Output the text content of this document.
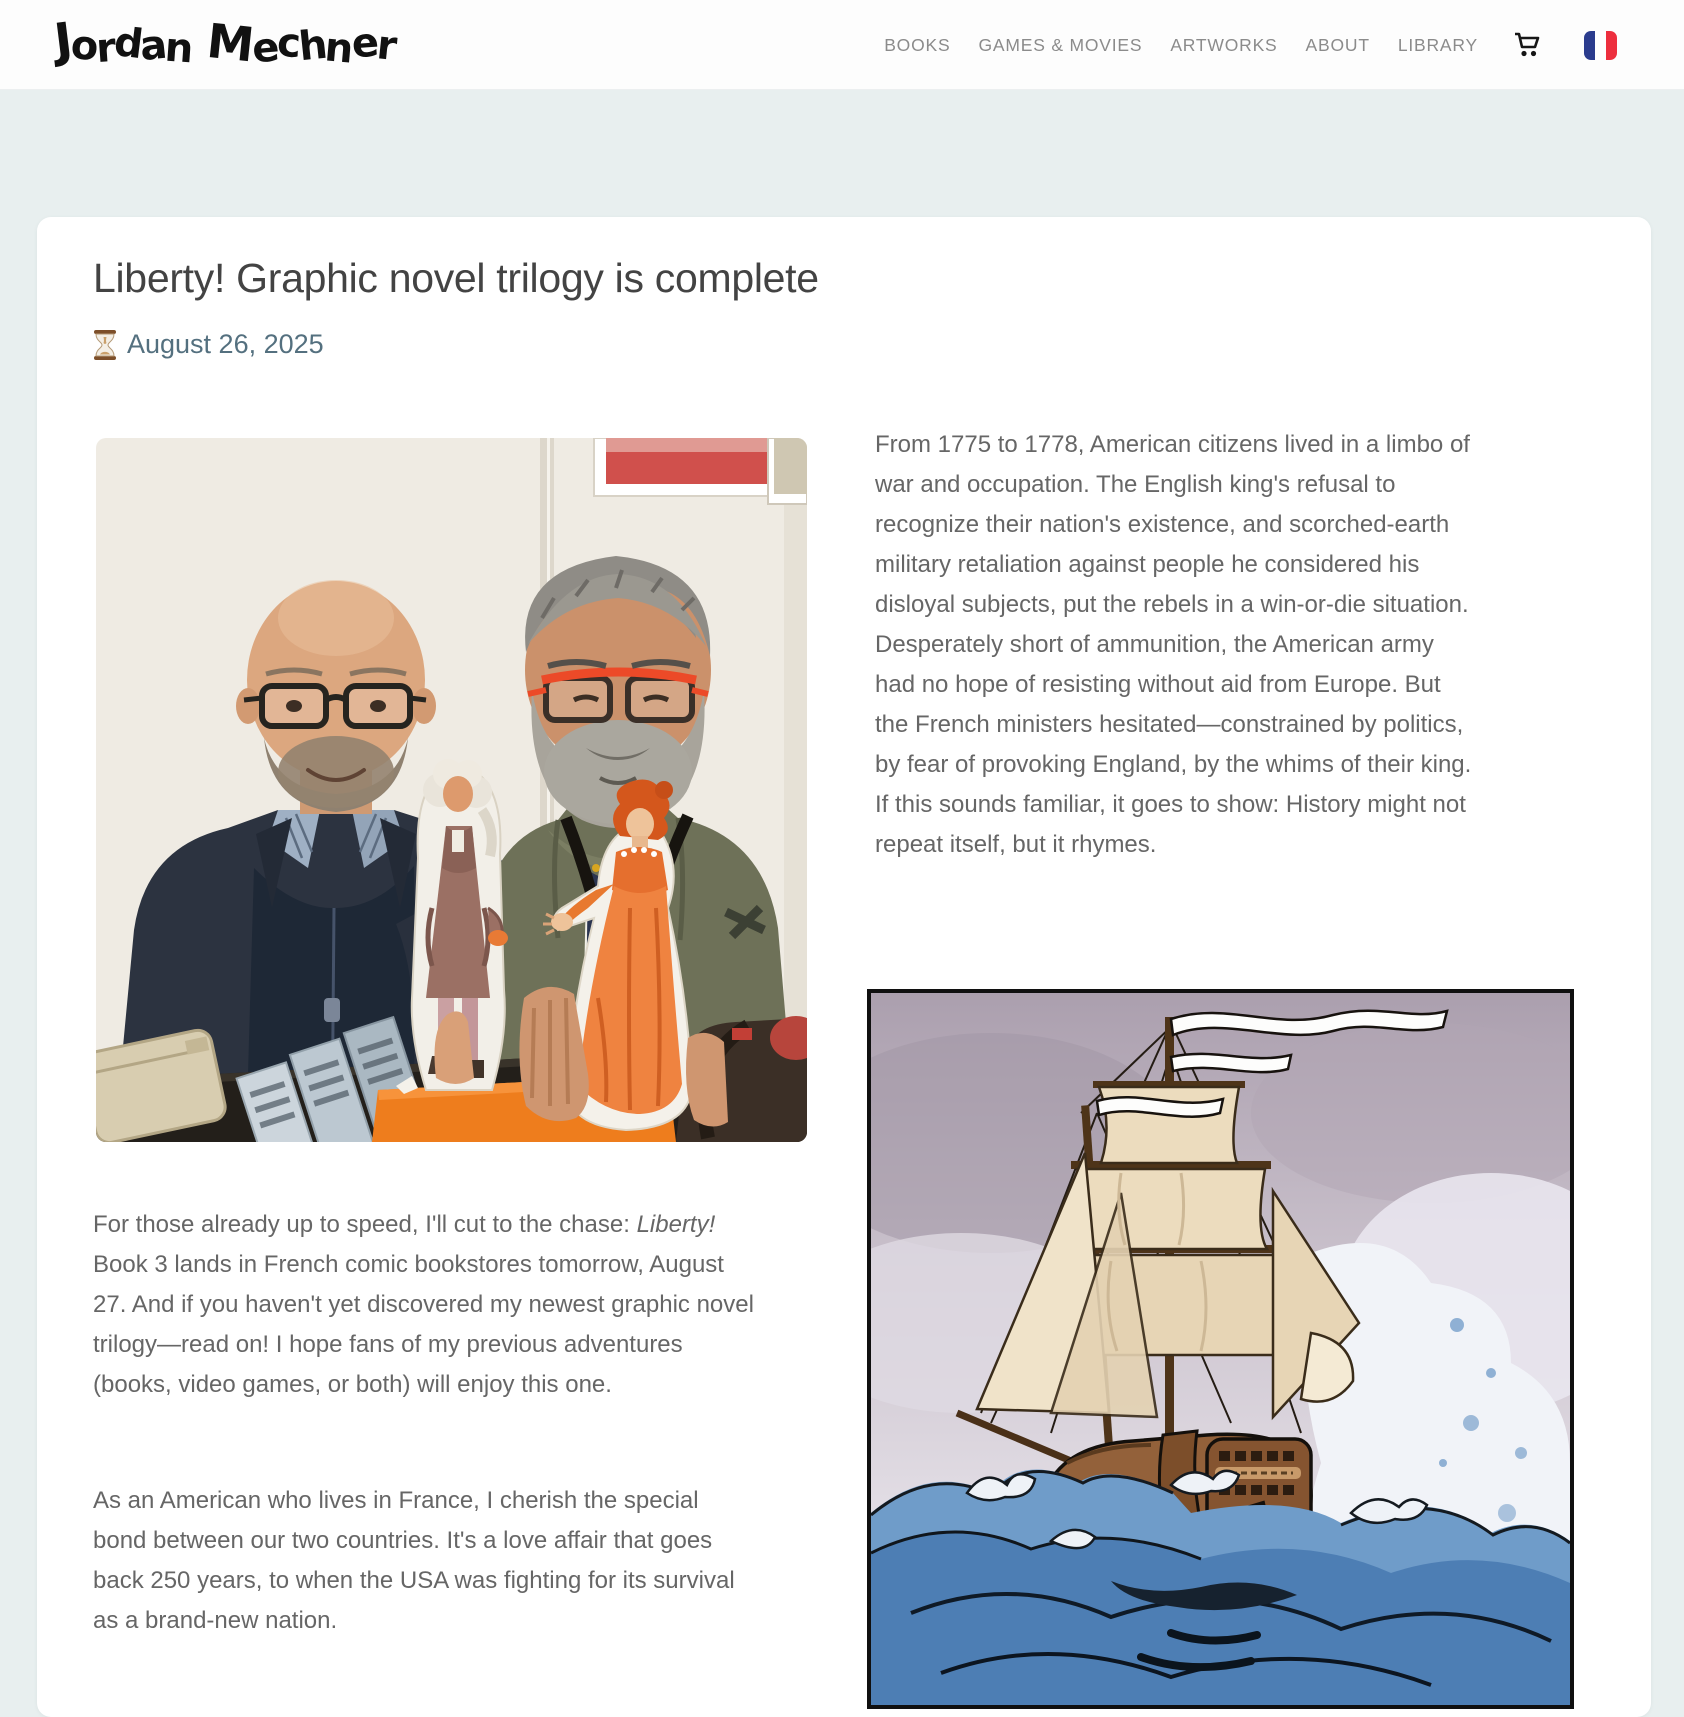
Jordan Mechner	BOOKS GAMES & MOVIES ARTWORKS ABOUT LIBRARY
Liberty! Graphic novel trilogy is complete
August 26, 2025

For those already up to speed, I'll cut to the chase: Liberty! Book 3 lands in French comic bookstores tomorrow, August 27. And if you haven't yet discovered my newest graphic novel trilogy—read on! I hope fans of my previous adventures (books, video games, or both) will enjoy this one.

As an American who lives in France, I cherish the special bond between our two countries. It's a love affair that goes back 250 years, to when the USA was fighting for its survival as a brand-new nation.

From 1775 to 1778, American citizens lived in a limbo of war and occupation. The English king's refusal to recognize their nation's existence, and scorched-earth military retaliation against people he considered his disloyal subjects, put the rebels in a win-or-die situation. Desperately short of ammunition, the American army had no hope of resisting without aid from Europe. But the French ministers hesitated—constrained by politics, by fear of provoking England, by the whims of their king. If this sounds familiar, it goes to show: History might not repeat itself, but it rhymes.
